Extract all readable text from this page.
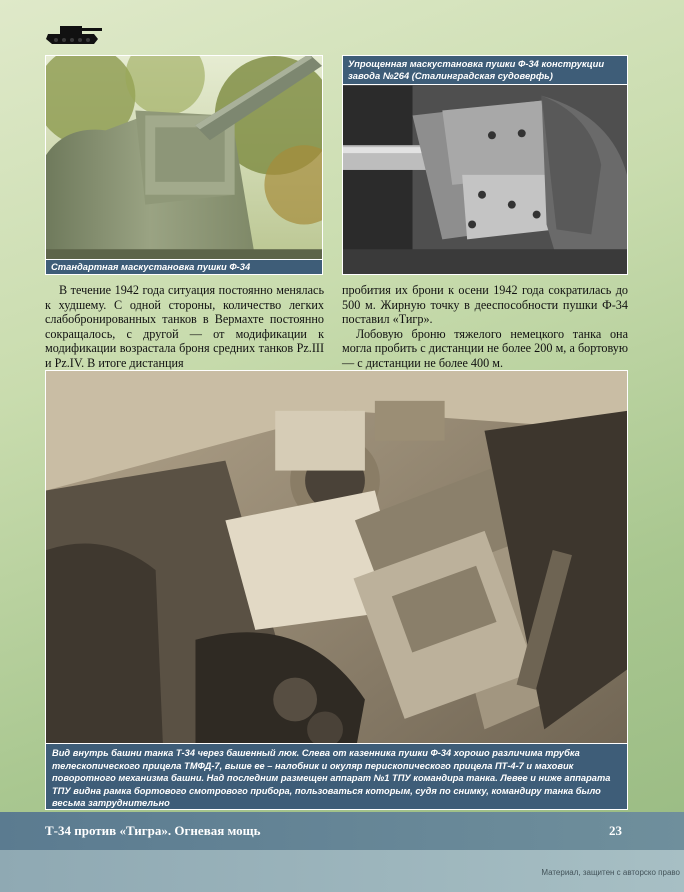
Стандартная маскустановка пушки Ф-34
Упрощенная маскустановка пушки Ф-34 конструкции завода №264 (Сталинградская судоверфь)
В течение 1942 года ситуация постоянно менялась к худшему. С одной стороны, количество легких слабобронированных танков в Вермахте постоянно сокращалось, с другой — от модификации к модификации возрастала броня средних танков Pz.III и Pz.IV. В итоге дистанция

пробития их брони к осени 1942 года сократилась до 500 м. Жирную точку в дееспособности пушки Ф-34 поставил «Тигр».

Лобовую броню тяжелого немецкого танка она могла пробить с дистанции не более 200 м, а бортовую — с дистанции не более 400 м.

Вид внутрь башни танка Т-34 через башенный люк. Слева от казенника пушки Ф-34 хорошо различима трубка телескопического прицела ТМФД-7, выше ее – налобник и окуляр перископического прицела ПТ-4-7 и маховик поворотного механизма башни. Над последним размещен аппарат №1 ТПУ командира танка. Левее и ниже аппарата ТПУ видна рамка бортового смотрового прибора, пользоваться которым, судя по снимку, командиру танка было весьма затруднительно
Т-34 против «Тигра». Огневая мощь	23
Материал, защитен с авторско право
